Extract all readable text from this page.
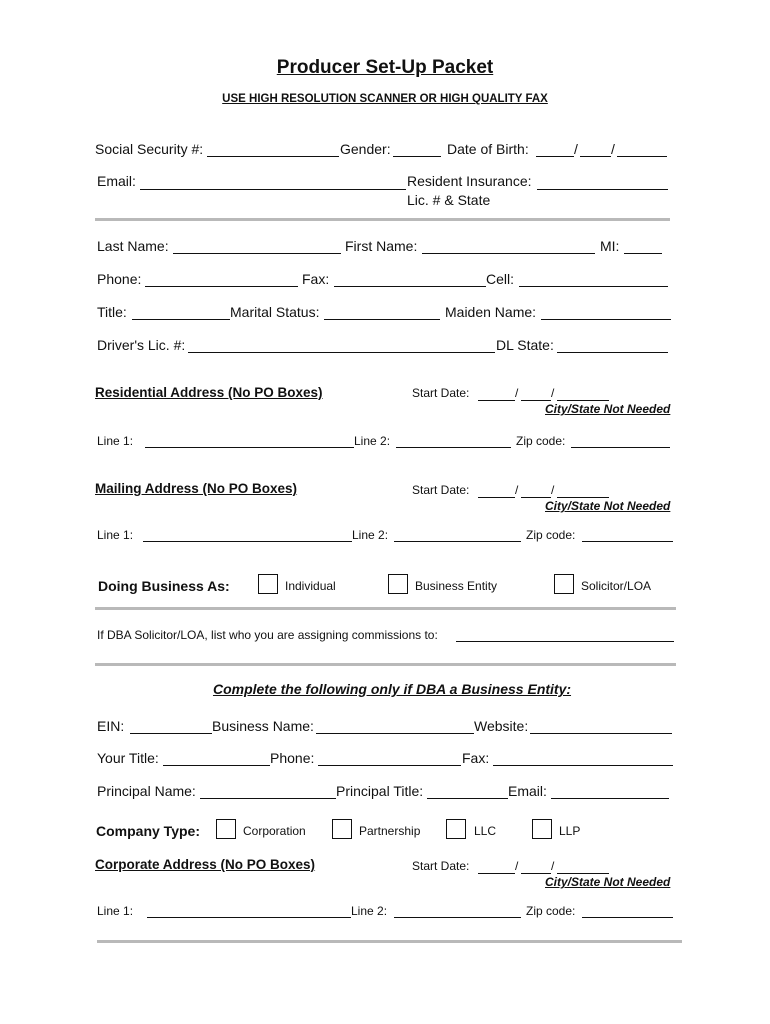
Producer Set-Up Packet
USE HIGH RESOLUTION SCANNER OR HIGH QUALITY FAX
Social Security #:	Gender:	Date of Birth:	/ /
Email:	Resident Insurance:
Lic. # & State
Last Name:	First Name:	MI:
Phone:	Fax:	Cell:
Title:	Marital Status:	Maiden Name:
Driver's Lic. #:	DL State:
Residential Address (No PO Boxes)	Start Date:	/	/
City/State Not Needed
Line 1:	Line 2:	Zip code:
Mailing Address (No PO Boxes)	Start Date:	/	/
City/State Not Needed
Line 1:	Line 2:	Zip code:
Doing Business As:	Individual	Business Entity	Solicitor/LOA
If DBA Solicitor/LOA, list who you are assigning commissions to:
Complete the following only if DBA a Business Entity:
EIN:	Business Name:	Website:
Your Title:	Phone:	Fax:
Principal Name:	Principal Title:	Email:
Company Type:	Corporation	Partnership	LLC	LLP
Corporate Address (No PO Boxes)	Start Date:	/	/
City/State Not Needed
Line 1:	Line 2:	Zip code:
